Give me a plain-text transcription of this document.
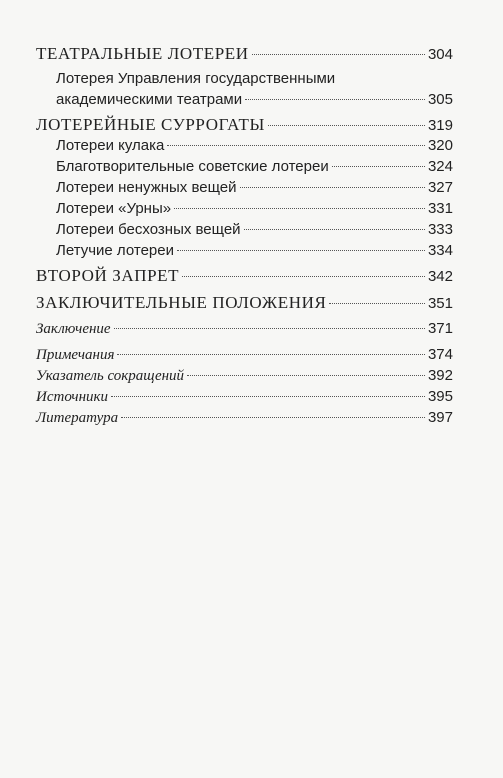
ТЕАТРАЛЬНЫЕ ЛОТЕРЕИ	304
Лотерея Управления государственными
академическими театрами	305
ЛОТЕРЕЙНЫЕ СУРРОГАТЫ	319
Лотереи кулака	320
Благотворительные советские лотереи	324
Лотереи ненужных вещей	327
Лотереи «Урны»	331
Лотереи бесхозных вещей	333
Летучие лотереи	334
ВТОРОЙ ЗАПРЕТ	342
ЗАКЛЮЧИТЕЛЬНЫЕ ПОЛОЖЕНИЯ	351
Заключение	371
Примечания	374
Указатель сокращений	392
Источники	395
Литература	397
